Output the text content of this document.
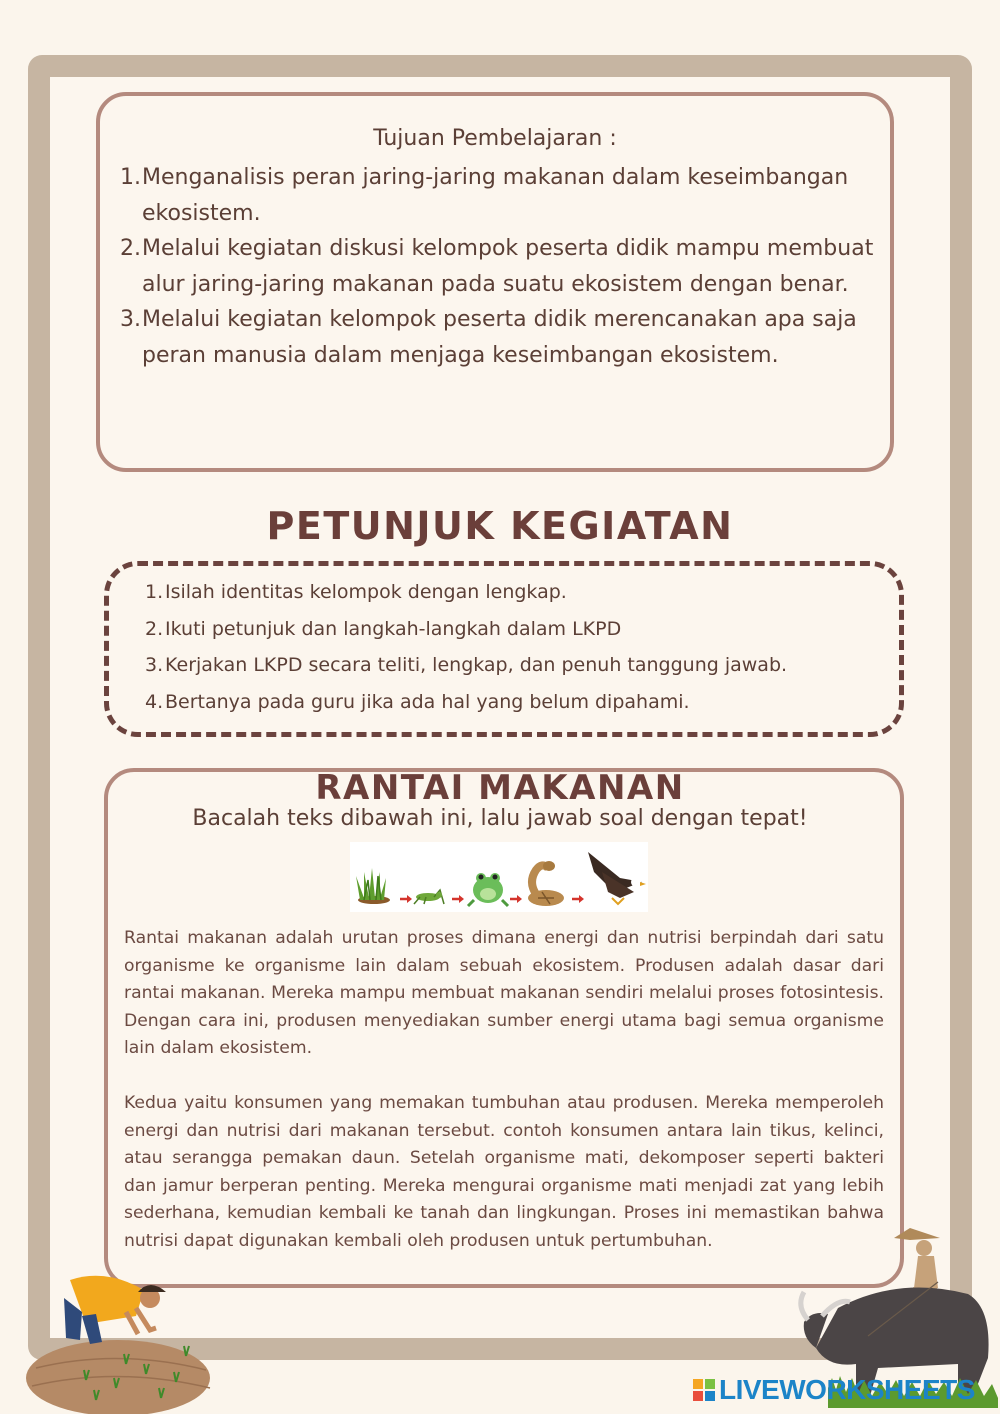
Tujuan Pembelajaran :
1. Menganalisis peran jaring-jaring makanan dalam keseimbangan ekosistem.
2. Melalui kegiatan diskusi kelompok peserta didik mampu membuat alur jaring-jaring makanan pada suatu ekosistem dengan benar.
3. Melalui kegiatan kelompok peserta didik merencanakan apa saja peran manusia dalam menjaga keseimbangan ekosistem.
PETUNJUK KEGIATAN
1. Isilah identitas kelompok dengan lengkap.
2. Ikuti petunjuk dan langkah-langkah dalam LKPD
3. Kerjakan LKPD secara teliti, lengkap, dan penuh tanggung jawab.
4. Bertanya pada guru jika ada hal yang belum dipahami.
RANTAI MAKANAN
Bacalah teks dibawah ini, lalu jawab soal dengan tepat!

Rantai makanan adalah urutan proses dimana energi dan nutrisi berpindah dari satu organisme ke organisme lain dalam sebuah ekosistem. Produsen adalah dasar dari rantai makanan. Mereka mampu membuat makanan sendiri melalui proses fotosintesis. Dengan cara ini, produsen menyediakan sumber energi utama bagi semua organisme lain dalam ekosistem.

Kedua yaitu konsumen yang memakan tumbuhan atau produsen. Mereka memperoleh energi dan nutrisi dari makanan tersebut. contoh konsumen antara lain tikus, kelinci, atau serangga pemakan daun. Setelah organisme mati, dekomposer seperti bakteri dan jamur berperan penting. Mereka mengurai organisme mati menjadi zat yang lebih sederhana, kemudian kembali ke tanah dan lingkungan. Proses ini memastikan bahwa nutrisi dapat digunakan kembali oleh produsen untuk pertumbuhan.

LIVEWORKSHEETS
